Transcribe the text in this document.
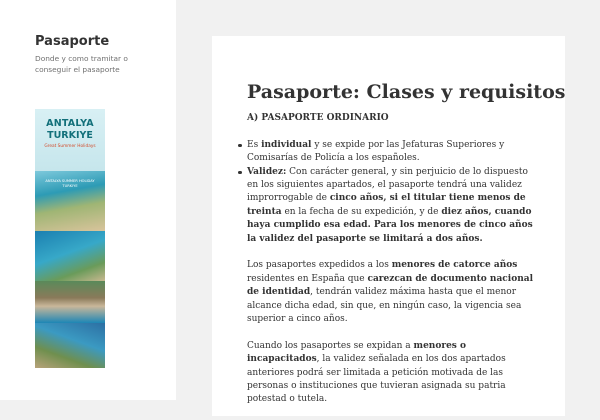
Pasaporte
Donde y como tramitar o conseguir el pasaporte
ANTALYA
TURKIYE
Great Summer Holidays
ANTALYA SUMMER HOLIDAY TURKIYE
Pasaporte: Clases y requisitos

A) PASAPORTE ORDINARIO

Es individual y se expide por las Jefaturas Superiores y Comisarías de Policía a los españoles.
Validez: Con carácter general, y sin perjuicio de lo dispuesto en los siguientes apartados, el pasaporte tendrá una validez improrrogable de cinco años, si el titular tiene menos de treinta en la fecha de su expedición, y de diez años, cuando haya cumplido esa edad. Para los menores de cinco años la validez del pasaporte se limitará a dos años.

Los pasaportes expedidos a los menores de catorce años residentes en España que carezcan de documento nacional de identidad, tendrán validez máxima hasta que el menor alcance dicha edad, sin que, en ningún caso, la vigencia sea superior a cinco años.

Cuando los pasaportes se expidan a menores o incapacitados, la validez señalada en los dos apartados anteriores podrá ser limitada a petición motivada de las personas o instituciones que tuvieran asignada su patria potestad o tutela.
